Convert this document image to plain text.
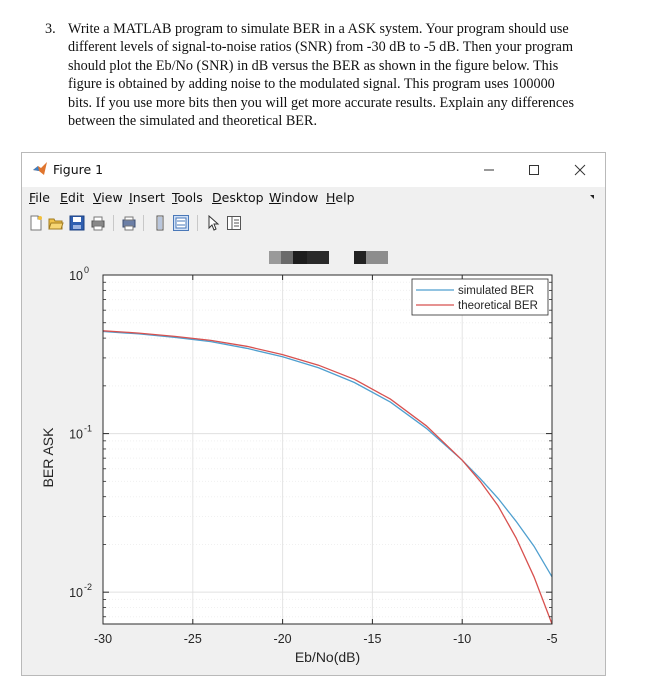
3. Write a MATLAB program to simulate BER in a ASK system. Your program should use
different levels of signal-to-noise ratios (SNR) from -30 dB to -5 dB. Then your program
should plot the Eb/No (SNR) in dB versus the BER as shown in the figure below. This
figure is obtained by adding noise to the modulated signal. This program uses 100000
bits. If you use more bits then you will get more accurate results. Explain any differences
between the simulated and theoretical BER.
Figure 1
File Edit View Insert Tools Desktop Window Help
-30	-25	-20	-15	-10	-5
10 0
10 -1
10 -2
simulated BER
theoretical BER
Eb/No(dB)
BER ASK
